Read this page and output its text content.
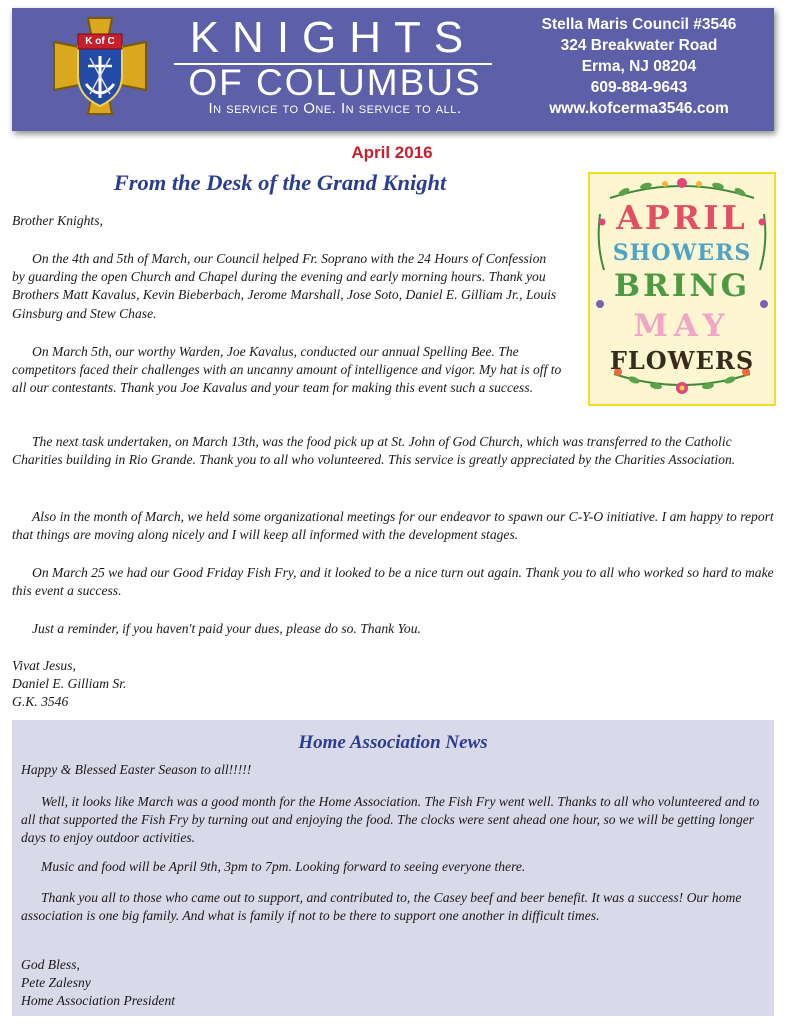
K of C	KNIGHTS
OF COLUMBUS
In service to One. In service to all.
Stella Maris Council #3546
324 Breakwater Road
Erma, NJ 08204
609-884-9643
www.kofcerma3546.com
April 2016
From the Desk of the Grand Knight
Brother Knights,
On the 4th and 5th of March, our Council helped Fr. Soprano with the 24 Hours of Confession by guarding the open Church and Chapel during the evening and early morning hours. Thank you Brothers Matt Kavalus, Kevin Bieberbach, Jerome Marshall, Jose Soto, Daniel E. Gilliam Jr., Louis Ginsburg and Stew Chase.
On March 5th, our worthy Warden, Joe Kavalus, conducted our annual Spelling Bee. The competitors faced their challenges with an uncanny amount of intelligence and vigor. My hat is off to all our contestants. Thank you Joe Kavalus and your team for making this event such a success.
The next task undertaken, on March 13th, was the food pick up at St. John of God Church, which was transferred to the Catholic Charities building in Rio Grande. Thank you to all who volunteered. This service is greatly appreciated by the Charities Association.
Also in the month of March, we held some organizational meetings for our endeavor to spawn our C-Y-O initiative. I am happy to report that things are moving along nicely and I will keep all informed with the development stages.
On March 25 we had our Good Friday Fish Fry, and it looked to be a nice turn out again. Thank you to all who worked so hard to make this event a success.
Just a reminder, if you haven't paid your dues, please do so. Thank You.
Vivat Jesus,
Daniel E. Gilliam Sr.
G.K. 3546
APRIL
SHOWERS
BRING
MAY
FLOWERS
Home Association News
Happy & Blessed Easter Season to all!!!!!
Well, it looks like March was a good month for the Home Association. The Fish Fry went well. Thanks to all who volunteered and to all that supported the Fish Fry by turning out and enjoying the food. The clocks were sent ahead one hour, so we will be getting longer days to enjoy outdoor activities.
Music and food will be April 9th, 3pm to 7pm. Looking forward to seeing everyone there.
Thank you all to those who came out to support, and contributed to, the Casey beef and beer benefit. It was a success! Our home association is one big family. And what is family if not to be there to support one another in difficult times.
God Bless,
Pete Zalesny
Home Association President
